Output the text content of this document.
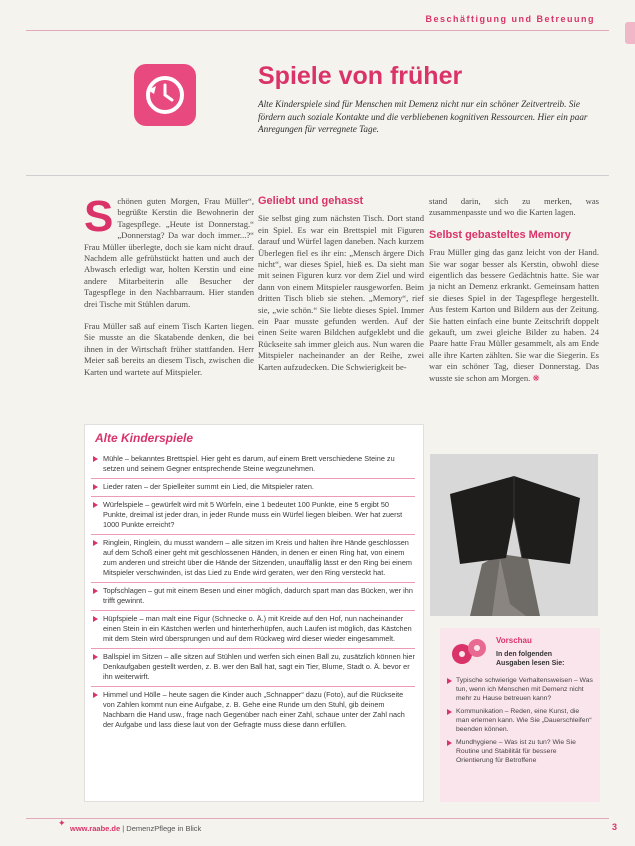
Beschäftigung und Betreuung
Spiele von früher
Alte Kinderspiele sind für Menschen mit Demenz nicht nur ein schöner Zeitvertreib. Sie fördern auch soziale Kontakte und die verbliebenen kognitiven Ressourcen. Hier ein paar Anregungen für verregnete Tage.

S chönen guten Morgen, Frau Müller“, begrüßte Kerstin die Bewohnerin der Tagespflege. „Heute ist Donnerstag.“ „Donnerstag? Da war doch immer...?“ Frau Müller überlegte, doch sie kam nicht drauf. Nachdem alle gefrühstückt hatten und auch der Abwasch erledigt war, holten Kerstin und eine andere Mitarbeiterin alle Besucher der Tagespflege in den Nachbarraum. Hier standen drei Tische mit Stühlen darum.

Frau Müller saß auf einem Tisch Karten liegen. Sie musste an die Skatabende denken, die bei ihnen in der Wirtschaft früher stattfanden. Herr Meier saß bereits an diesem Tisch, zwischen die Karten und wartete auf Mitspieler.

Geliebt und gehasst

Sie selbst ging zum nächsten Tisch. Dort stand ein Spiel. Es war ein Brettspiel mit Figuren darauf und Würfel lagen daneben. Nach kurzem Überlegen fiel es ihr ein: „Mensch ärgere Dich nicht“, war dieses Spiel, hieß es. Da sieht man mit seinen Figuren kurz vor dem Ziel und wird dann von einem Mitspieler rausgeworfen. Beim dritten Tisch blieb sie stehen. „Memory“, rief sie, „wie schön.“ Sie liebte dieses Spiel. Immer ein Paar musste gefunden werden. Auf der einen Seite waren Bildchen aufgeklebt und die Rückseite sah immer gleich aus. Nun waren die Mitspieler nacheinander an der Reihe, zwei Karten aufzudecken. Die Schwierigkeit be-

stand darin, sich zu merken, was zusammenpasste und wo die Karten lagen.

Selbst gebasteltes Memory

Frau Müller ging das ganz leicht von der Hand. Sie war sogar besser als Kerstin, obwohl diese eigentlich das bessere Gedächtnis hatte. Sie war ja nicht an Demenz erkrankt. Gemeinsam hatten sie dieses Spiel in der Tagespflege hergestellt. Aus festem Karton und Bildern aus der Zeitung. Sie hatten einfach eine bunte Zeitschrift doppelt gekauft, um zwei gleiche Bilder zu haben. 24 Paare hatte Frau Müller gesammelt, als am Ende alle ihre Karten zählten. Sie war die Siegerin. Es war ein schöner Tag, dieser Donnerstag. Das wusste sie schon am Morgen. ❋

Alte Kinderspiele
Mühle – bekanntes Brettspiel. Hier geht es darum, auf einem Brett verschiedene Steine zu setzen und seinem Gegner entsprechende Steine wegzunehmen.
Lieder raten – der Spielleiter summt ein Lied, die Mitspieler raten.
Würfelspiele – gewürfelt wird mit 5 Würfeln, eine 1 bedeutet 100 Punkte, eine 5 ergibt 50 Punkte, dreimal ist jeder dran, in jeder Runde muss ein Würfel liegen bleiben. Wer hat zuerst 1000 Punkte erreicht?
Ringlein, Ringlein, du musst wandern – alle sitzen im Kreis und halten ihre Hände geschlossen auf dem Schoß einer geht mit geschlossenen Händen, in denen er einen Ring hat, von einem zum anderen und streicht über die Hände der Sitzenden, unauffällig lässt er den Ring bei einem Mitspieler verschwinden, ist das Lied zu Ende wird geraten, wer den Ring versteckt hat.
Topfschlagen – gut mit einem Besen und einer möglich, dadurch spart man das Bücken, wer ihn trifft gewinnt.
Hüpfspiele – man malt eine Figur (Schnecke o. Ä.) mit Kreide auf den Hof, nun nacheinander einen Stein in ein Kästchen werfen und hinterherhüpfen, auch Laufen ist möglich, das Kästchen mit dem Stein wird übersprungen und auf dem Rückweg wird dieser wieder eingesammelt.
Ballspiel im Sitzen – alle sitzen auf Stühlen und werfen sich einen Ball zu, zusätzlich können hier Denkaufgaben gestellt werden, z. B. wer den Ball hat, sagt ein Tier, Blume, Stadt o. Ä. bevor er ihn weiterwirft.
Himmel und Hölle – heute sagen die Kinder auch „Schnapper“ dazu (Foto), auf die Rückseite von Zahlen kommt nun eine Aufgabe, z. B. Gehe eine Runde um den Stuhl, gib deinem Nachbarn die Hand usw., frage nach Gegenüber nach einer Zahl, schaue unter der Zahl nach der Aufgabe und lass diese laut von der Gefragte muss diese dann erfüllen.
Vorschau
In den folgenden Ausgaben lesen Sie:
Typische schwierige Verhaltensweisen – Was tun, wenn ich Menschen mit Demenz nicht mehr zu Hause betreuen kann?
Kommunikation – Reden, eine Kunst, die man erlernen kann. Wie Sie „Dauerschleifen“ beenden können.
Mundhygiene – Was ist zu tun? Wie Sie Routine und Stabilität für bessere Orientierung für Betroffene
✦ www.raabe.de | DemenzPflege in Blick	3
